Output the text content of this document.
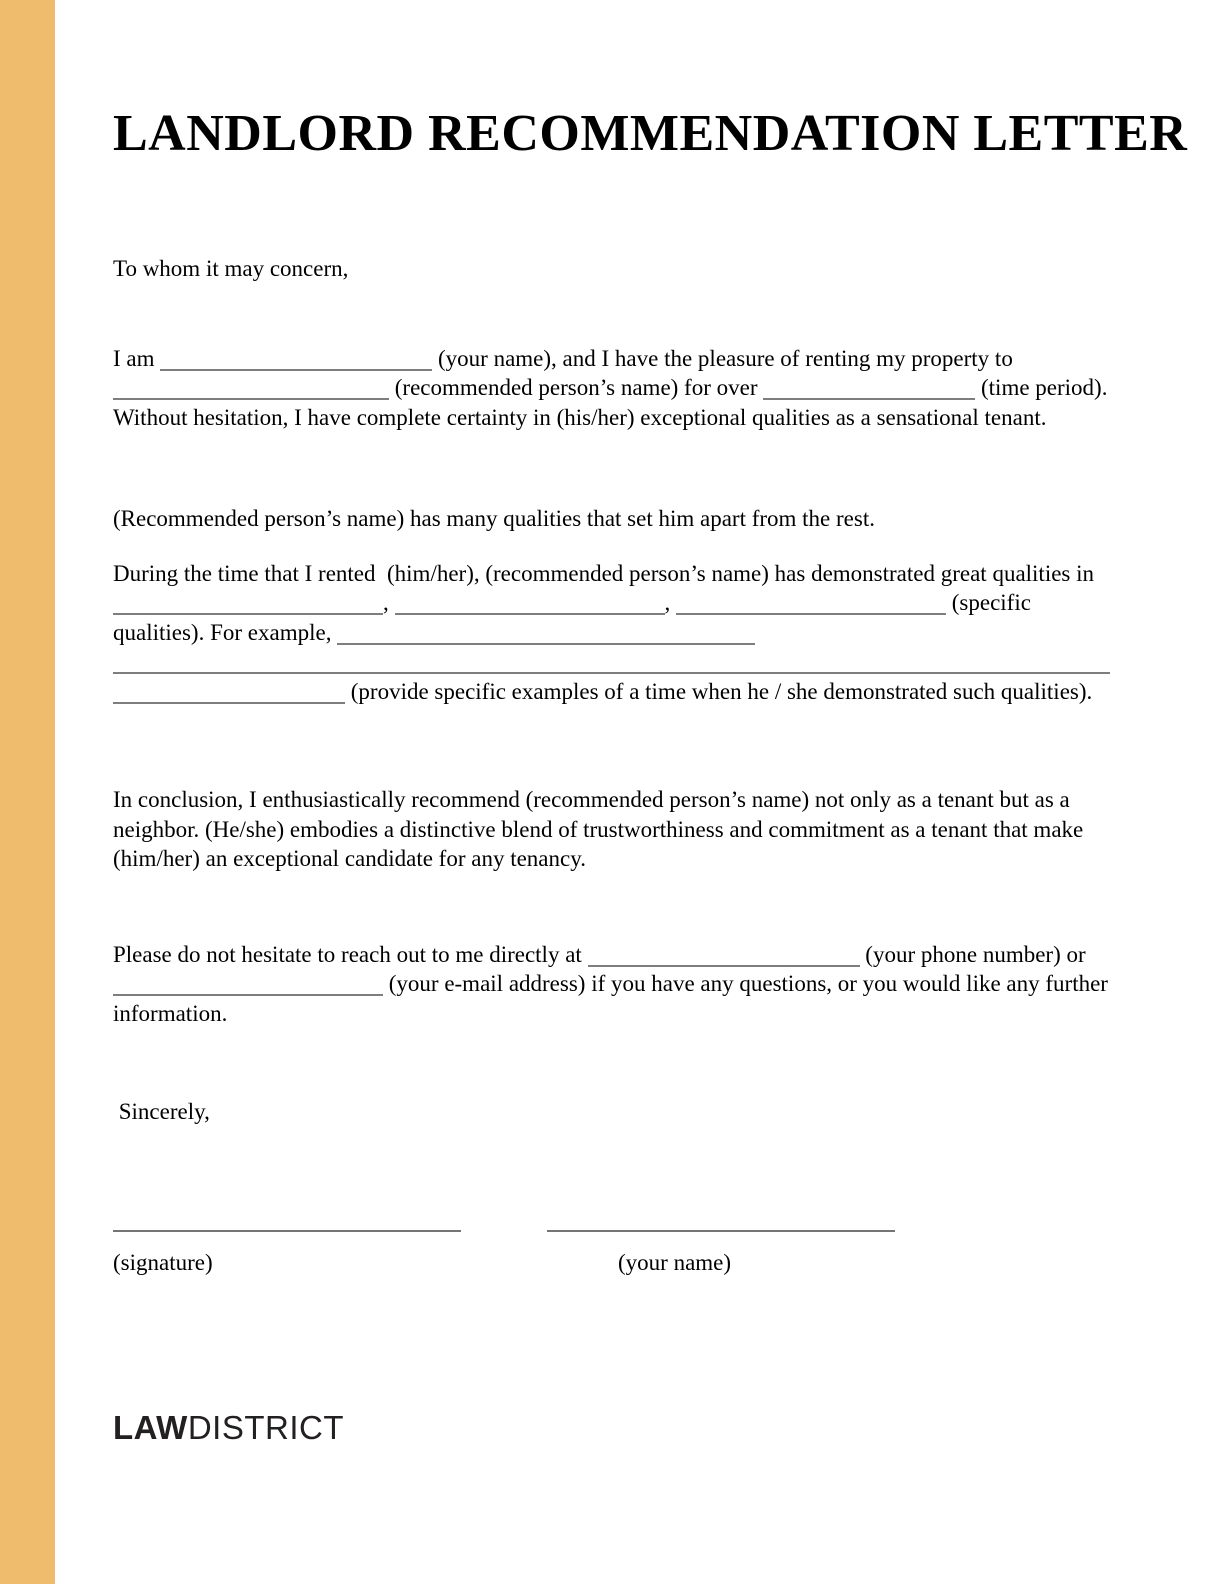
LANDLORD RECOMMENDATION LETTER

To whom it may concern,

I am	(your name), and I have the pleasure of renting my property to  (recommended person’s name) for over	(time period). Without hesitation, I have complete certainty in (his/her) exceptional qualities as a sensational tenant.

(Recommended person’s name) has many qualities that set him apart from the rest.

During the time that I rented  (him/her), (recommended person’s name) has demonstrated great qualities in ,	,	(specific qualities). For example,  (provide specific examples of a time when he / she demonstrated such qualities).

In conclusion, I enthusiastically recommend (recommended person’s name) not only as a tenant but as a neighbor. (He/she) embodies a distinctive blend of trustworthiness and commitment as a tenant that make (him/her) an exceptional candidate for any tenancy.

Please do not hesitate to reach out to me directly at	(your phone number) or  (your e-mail address) if you have any questions, or you would like any further information.

Sincerely,

(signature)	(your name)
LAWDISTRICT
